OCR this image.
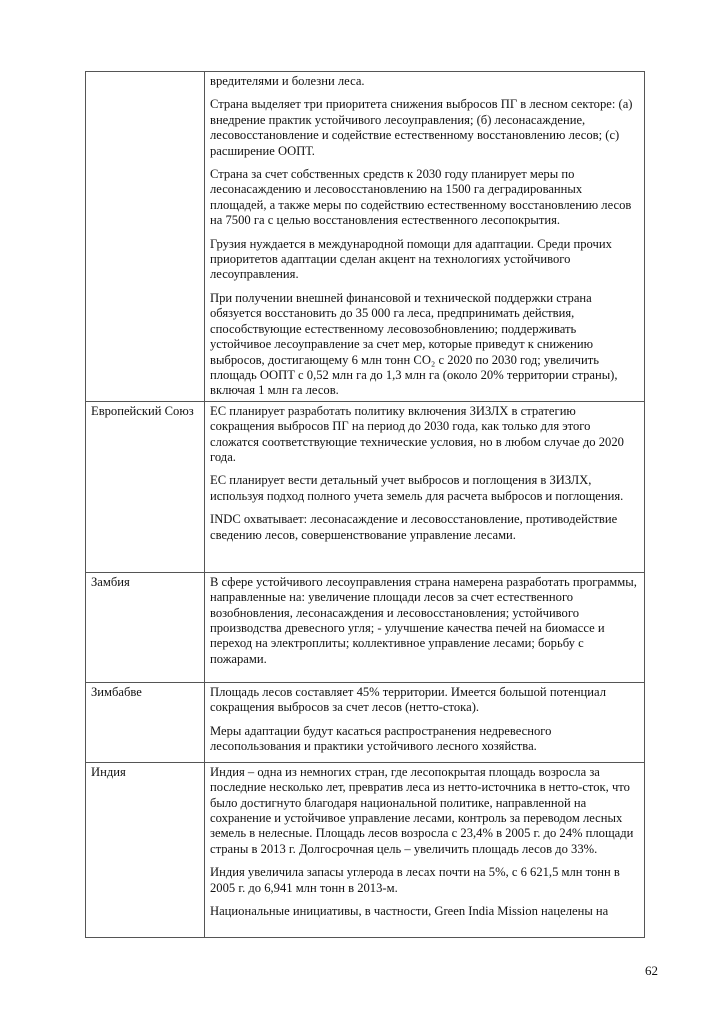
	вредителями и болезни леса.

Страна выделяет три приоритета снижения выбросов ПГ в лесном секторе: (а) внедрение практик устойчивого лесоуправления; (б) лесонасаждение, лесовосстановление и содействие естественному восстановлению лесов; (с) расширение ООПТ.

Страна за счет собственных средств к 2030 году планирует меры по лесонасаждению и лесовосстановлению на 1500 га деградированных площадей, а также меры по содействию естественному восстановлению лесов на 7500 га с целью восстановления естественного лесопокрытия.

Грузия нуждается в международной помощи для адаптации. Среди прочих приоритетов адаптации сделан акцент на технологиях устойчивого лесоуправления.

При получении внешней финансовой и технической поддержки страна обязуется восстановить до 35 000 га леса, предпринимать действия, способствующие естественному лесовозобновлению; поддерживать устойчивое лесоуправление за счет мер, которые приведут к снижению выбросов, достигающему 6 млн тонн CO₂ с 2020 по 2030 год; увеличить площадь ООПТ с 0,52 млн га до 1,3 млн га (около 20% территории страны), включая 1 млн га лесов.

Европейский Союз	ЕС планирует разработать политику включения ЗИЗЛХ в стратегию сокращения выбросов ПГ на период до 2030 года, как только для этого сложатся соответствующие технические условия, но в любом случае до 2020 года.

ЕС планирует вести детальный учет выбросов и поглощения в ЗИЗЛХ, используя подход полного учета земель для расчета выбросов и поглощения.

INDC охватывает: лесонасаждение и лесовосстановление, противодействие сведению лесов, совершенствование управление лесами.

Замбия	В сфере устойчивого лесоуправления страна намерена разработать программы, направленные на: увеличение площади лесов за счет естественного возобновления, лесонасаждения и лесовосстановления; устойчивого производства древесного угля; - улучшение качества печей на биомассе и переход на электроплиты; коллективное управление лесами; борьбу с пожарами.

Зимбабве	Площадь лесов составляет 45% территории. Имеется большой потенциал сокращения выбросов за счет лесов (нетто-стока).

Меры адаптации будут касаться распространения недревесного лесопользования и практики устойчивого лесного хозяйства.

Индия	Индия – одна из немногих стран, где лесопокрытая площадь возросла за последние несколько лет, превратив леса из нетто-источника в нетто-сток, что было достигнуто благодаря национальной политике, направленной на сохранение и устойчивое управление лесами, контроль за переводом лесных земель в нелесные. Площадь лесов возросла с 23,4% в 2005 г. до 24% площади страны в 2013 г. Долгосрочная цель – увеличить площадь лесов до 33%.

Индия увеличила запасы углерода в лесах почти на 5%, с 6 621,5 млн тонн в 2005 г. до 6,941 млн тонн в 2013-м.

Национальные инициативы, в частности, Green India Mission нацелены на

62
